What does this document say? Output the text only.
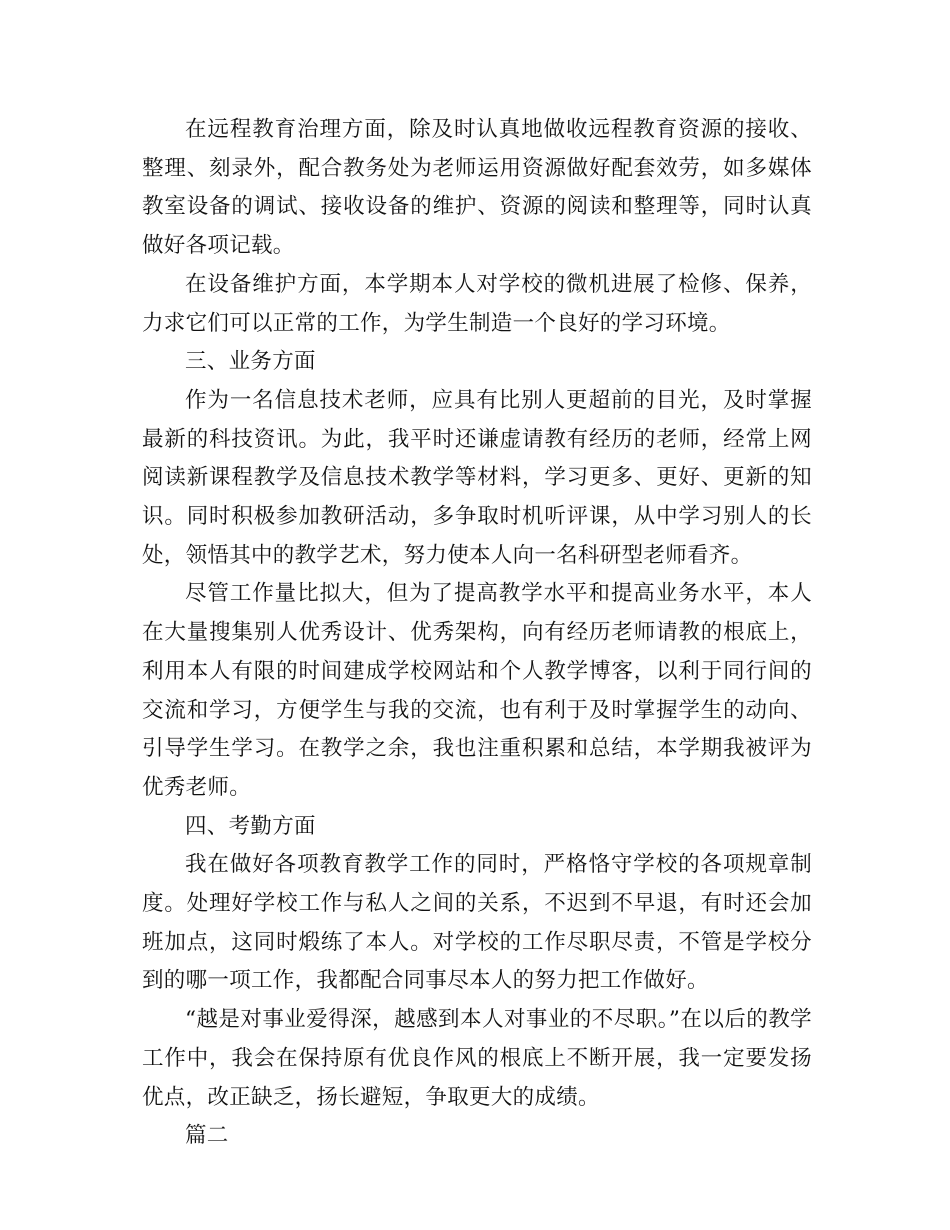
在远程教育治理方面，除及时认真地做收远程教育资源的接收、整理、刻录外，配合教务处为老师运用资源做好配套效劳，如多媒体教室设备的调试、接收设备的维护、资源的阅读和整理等，同时认真做好各项记载。

在设备维护方面，本学期本人对学校的微机进展了检修、保养，力求它们可以正常的工作，为学生制造一个良好的学习环境。

三、业务方面

作为一名信息技术老师，应具有比别人更超前的目光，及时掌握最新的科技资讯。为此，我平时还谦虚请教有经历的老师，经常上网阅读新课程教学及信息技术教学等材料，学习更多、更好、更新的知识。同时积极参加教研活动，多争取时机听评课，从中学习别人的长处，领悟其中的教学艺术，努力使本人向一名科研型老师看齐。

尽管工作量比拟大，但为了提高教学水平和提高业务水平，本人在大量搜集别人优秀设计、优秀架构，向有经历老师请教的根底上，利用本人有限的时间建成学校网站和个人教学博客，以利于同行间的交流和学习，方便学生与我的交流，也有利于及时掌握学生的动向、引导学生学习。在教学之余，我也注重积累和总结，本学期我被评为优秀老师。

四、考勤方面

我在做好各项教育教学工作的同时，严格恪守学校的各项规章制度。处理好学校工作与私人之间的关系，不迟到不早退，有时还会加班加点，这同时煅练了本人。对学校的工作尽职尽责，不管是学校分到的哪一项工作，我都配合同事尽本人的努力把工作做好。

“越是对事业爱得深，越感到本人对事业的不尽职。”在以后的教学工作中，我会在保持原有优良作风的根底上不断开展，我一定要发扬优点，改正缺乏，扬长避短，争取更大的成绩。

篇二
